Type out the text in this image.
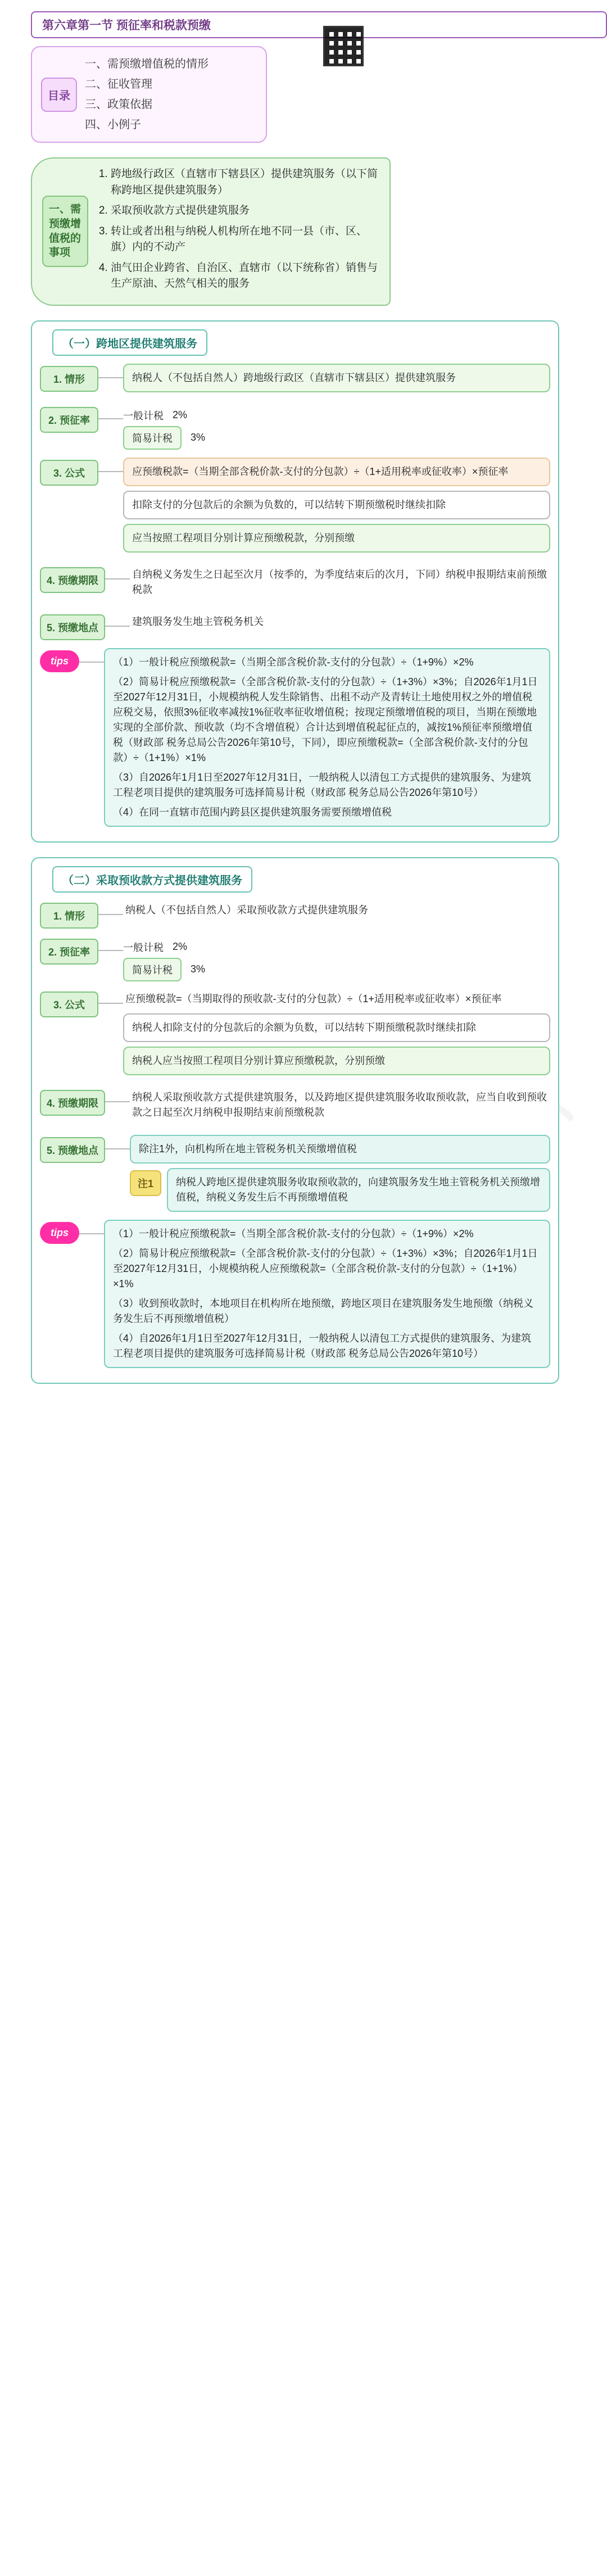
第六章第一节 预征率和税款预缴
目录
一、需预缴增值税的情形
二、征收管理
三、政策依据
四、小例子
一、需预缴增值税的事项
1. 跨地级行政区（直辖市下辖县区）提供建筑服务（以下简称跨地区提供建筑服务）
2. 采取预收款方式提供建筑服务
3. 转让或者出租与纳税人机构所在地不同一县（市、区、旗）内的不动产
4. 油气田企业跨省、自治区、直辖市（以下统称省）销售与生产原油、天然气相关的服务
（一）跨地区提供建筑服务
1. 情形	纳税人（不包括自然人）跨地级行政区（直辖市下辖县区）提供建筑服务
2. 预征率	一般计税 2%
简易计税	3%
3. 公式	应预缴税款=（当期全部含税价款-支付的分包款）÷（1+适用税率或征收率）×预征率
扣除支付的分包款后的余额为负数的，可以结转下期预缴税时继续扣除
应当按照工程项目分别计算应预缴税款，分别预缴
4. 预缴期限
自纳税义务发生之日起至次月（按季的，为季度结束后的次月，下同）纳税申报期结束前预缴税款
5. 预缴地点
建筑服务发生地主管税务机关
tips	（1）一般计税应预缴税款=（当期全部含税价款-支付的分包款）÷（1+9%）×2%
（2）简易计税应预缴税款=（全部含税价款-支付的分包款）÷（1+3%）×3%；自2026年1月1日至2027年12月31日，小规模纳税人发生除销售、出租不动产及青转让土地使用权之外的增值税应税交易，依照3%征收率减按1%征收率征收增值税；按现定预缴增值税的项目，当期在预缴地实现的全部价款、预收款（均不含增值税）合计达到增值税起征点的，减按1%预征率预缴增值税（财政部 税务总局公告2026年第10号，下同），即应预缴税款=（全部含税价款-支付的分包款）÷（1+1%）×1%
（3）自2026年1月1日至2027年12月31日，一般纳税人以清包工方式提供的建筑服务、为建筑工程老项目提供的建筑服务可选择简易计税（财政部 税务总局公告2026年第10号）
（4）在同一直辖市范围内跨县区提供建筑服务需要预缴增值税
（二）采取预收款方式提供建筑服务
1. 情形
纳税人（不包括自然人）采取预收款方式提供建筑服务
2. 预征率	一般计税 2%
简易计税	3%
3. 公式
应预缴税款=（当期取得的预收款-支付的分包款）÷（1+适用税率或征收率）×预征率
纳税人扣除支付的分包款后的余额为负数，可以结转下期预缴税款时继续扣除
纳税人应当按照工程项目分别计算应预缴税款，分别预缴
4. 预缴期限
纳税人采取预收款方式提供建筑服务，以及跨地区提供建筑服务收取预收款，应当自收到预收款之日起至次月纳税申报期结束前预缴税款
5. 预缴地点	除注1外，向机构所在地主管税务机关预缴增值税
注1	纳税人跨地区提供建筑服务收取预收款的，向建筑服务发生地主管税务机关预缴增值税，纳税义务发生后不再预缴增值税
tips	（1）一般计税应预缴税款=（当期全部含税价款-支付的分包款）÷（1+9%）×2%
（2）简易计税应预缴税款=（全部含税价款-支付的分包款）÷（1+3%）×3%；自2026年1月1日至2027年12月31日，小规模纳税人应预缴税款=（全部含税价款-支付的分包款）÷（1+1%）×1%
（3）收到预收款时，本地项目在机构所在地预缴，跨地区项目在建筑服务发生地预缴（纳税义务发生后不再预缴增值税）
（4）自2026年1月1日至2027年12月31日，一般纳税人以清包工方式提供的建筑服务、为建筑工程老项目提供的建筑服务可选择简易计税（财政部 税务总局公告2026年第10号）
